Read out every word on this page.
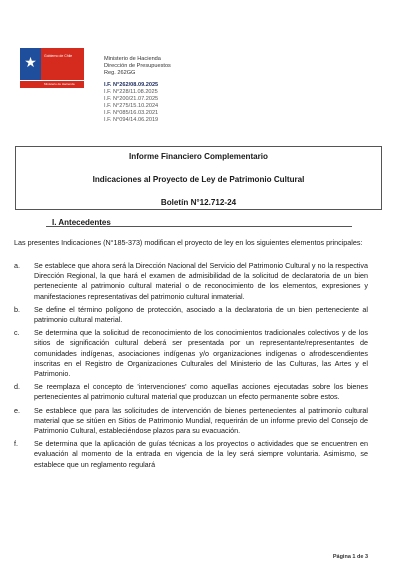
★	Gobierno de Chile
Ministerio de Hacienda
Ministerio de Hacienda
Dirección de Presupuestos
Reg. 262GG
I.F. N°262/08.09.2025
I.F. N°228/11.08.2025
I.F. N°200/21.07.2025
I.F. N°275/15.10.2024
I.F. N°085/16.03.2021
I.F. N°094/14.06.2019
Informe Financiero Complementario
Indicaciones al Proyecto de Ley de Patrimonio Cultural
Boletín N°12.712-24
I. Antecedentes

Las presentes Indicaciones (N°185-373) modifican el proyecto de ley en los siguientes elementos principales:

a.	Se establece que ahora será la Dirección Nacional del Servicio del Patrimonio Cultural y no la respectiva Dirección Regional, la que hará el examen de admisibilidad de la solicitud de declaratoria de un bien perteneciente al patrimonio cultural material o de reconocimiento de los elementos, expresiones y manifestaciones representativas del patrimonio cultural inmaterial.
b.	Se define el término polígono de protección, asociado a la declaratoria de un bien perteneciente al patrimonio cultural material.
c.	Se determina que la solicitud de reconocimiento de los conocimientos tradicionales colectivos y de los sitios de significación cultural deberá ser presentada por un representante/representantes de comunidades indígenas, asociaciones indígenas y/o organizaciones indígenas o afrodescendientes inscritas en el Registro de Organizaciones Culturales del Ministerio de las Culturas, las Artes y el Patrimonio.
d.	Se reemplaza el concepto de 'intervenciones' como aquellas acciones ejecutadas sobre los bienes pertenecientes al patrimonio cultural material que produzcan un efecto permanente sobre estos.
e.	Se establece que para las solicitudes de intervención de bienes pertenecientes al patrimonio cultural material que se sitúen en Sitios de Patrimonio Mundial, requerirán de un informe previo del Consejo de Patrimonio Cultural, estableciéndose plazos para su evacuación.
f.	Se determina que la aplicación de guías técnicas a los proyectos o actividades que se encuentren en evaluación al momento de la entrada en vigencia de la ley será siempre voluntaria. Asimismo, se establece que un reglamento regulará
Página 1 de 3
